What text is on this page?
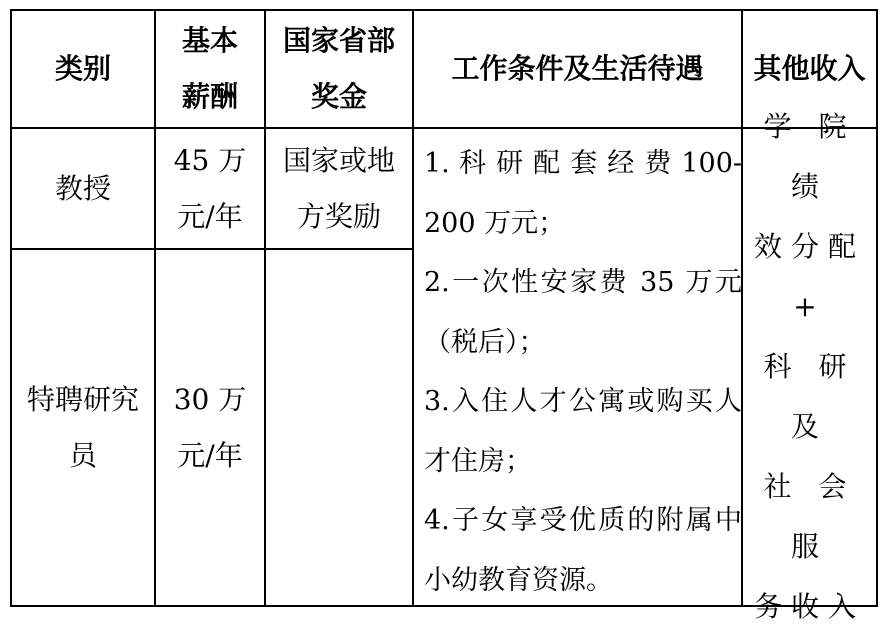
类别
基本
薪酬
国家省部
奖金
工作条件及生活待遇 其他收入
教授
45 万
元/年
国家或地
方奖励
特聘研究
员
30 万
元/年

1. 科 研 配 套 经 费 100-200 万元；

2.一次性安家费 35 万元（税后）；

3.入住人才公寓或购买人才住房；

4.子女享受优质的附属中小幼教育资源。

学 院 绩
效分配+
科 研 及
社 会 服
务收入
